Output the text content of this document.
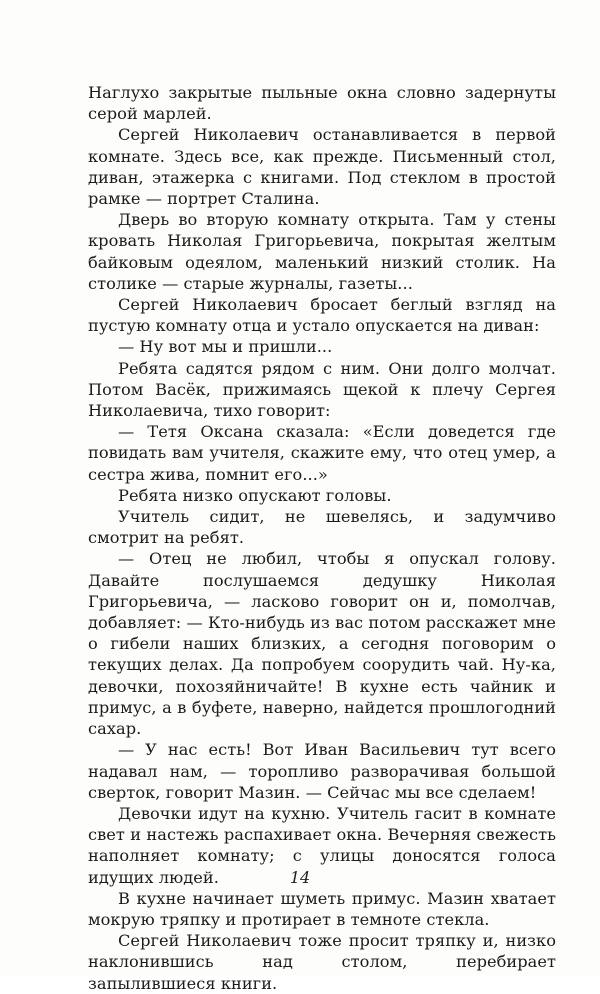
Наглухо закрытые пыльные окна словно задернуты серой марлей.

Сергей Николаевич останавливается в первой комнате. Здесь все, как прежде. Письменный стол, диван, этажерка с книгами. Под стеклом в простой рамке — портрет Сталина.

Дверь во вторую комнату открыта. Там у стены кровать Николая Григорьевича, покрытая желтым байковым одеялом, маленький низкий столик. На столике — старые журналы, газеты...

Сергей Николаевич бросает беглый взгляд на пустую комнату отца и устало опускается на диван:

— Ну вот мы и пришли...

Ребята садятся рядом с ним. Они долго молчат. Потом Васёк, прижимаясь щекой к плечу Сергея Николаевича, тихо говорит:

— Тетя Оксана сказала: «Если доведется где повидать вам учителя, скажите ему, что отец умер, а сестра жива, помнит его...»

Ребята низко опускают головы.

Учитель сидит, не шевелясь, и задумчиво смотрит на ребят.

— Отец не любил, чтобы я опускал голову. Давайте послушаемся дедушку Николая Григорьевича, — ласково говорит он и, помолчав, добавляет: — Кто-нибудь из вас потом расскажет мне о гибели наших близких, а сегодня поговорим о текущих делах. Да попробуем соорудить чай. Ну-ка, девочки, похозяйничайте! В кухне есть чайник и примус, а в буфете, наверно, найдется прошлогодний сахар.

— У нас есть! Вот Иван Васильевич тут всего надавал нам, — торопливо разворачивая большой сверток, говорит Мазин. — Сейчас мы все сделаем!

Девочки идут на кухню. Учитель гасит в комнате свет и настежь распахивает окна. Вечерняя свежесть наполняет комнату; с улицы доносятся голоса идущих людей.

В кухне начинает шуметь примус. Мазин хватает мокрую тряпку и протирает в темноте стекла.

Сергей Николаевич тоже просит тряпку и, низко наклонившись над столом, перебирает запылившиеся книги.

14
